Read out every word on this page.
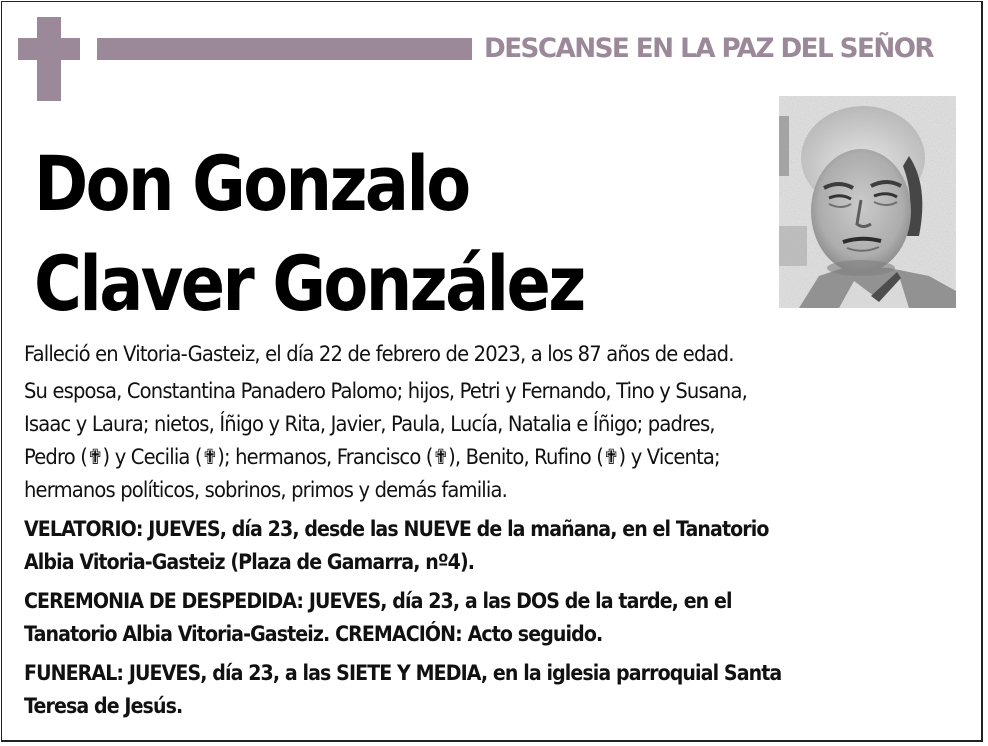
DESCANSE EN LA PAZ DEL SEÑOR
Don Gonzalo
Claver González
Falleció en Vitoria-Gasteiz, el día 22 de febrero de 2023, a los 87 años de edad.
Su esposa, Constantina Panadero Palomo; hijos, Petri y Fernando, Tino y Susana,
Isaac y Laura; nietos, Íñigo y Rita, Javier, Paula, Lucía, Natalia e Íñigo; padres,
Pedro (✟) y Cecilia (✟); hermanos, Francisco (✟), Benito, Rufino (✟) y Vicenta;
hermanos políticos, sobrinos, primos y demás familia.
VELATORIO: JUEVES, día 23, desde las NUEVE de la mañana, en el Tanatorio
Albia Vitoria-Gasteiz (Plaza de Gamarra, nº4).
CEREMONIA DE DESPEDIDA: JUEVES, día 23, a las DOS de la tarde, en el
Tanatorio Albia Vitoria-Gasteiz. CREMACIÓN: Acto seguido.
FUNERAL: JUEVES, día 23, a las SIETE Y MEDIA, en la iglesia parroquial Santa
Teresa de Jesús.
